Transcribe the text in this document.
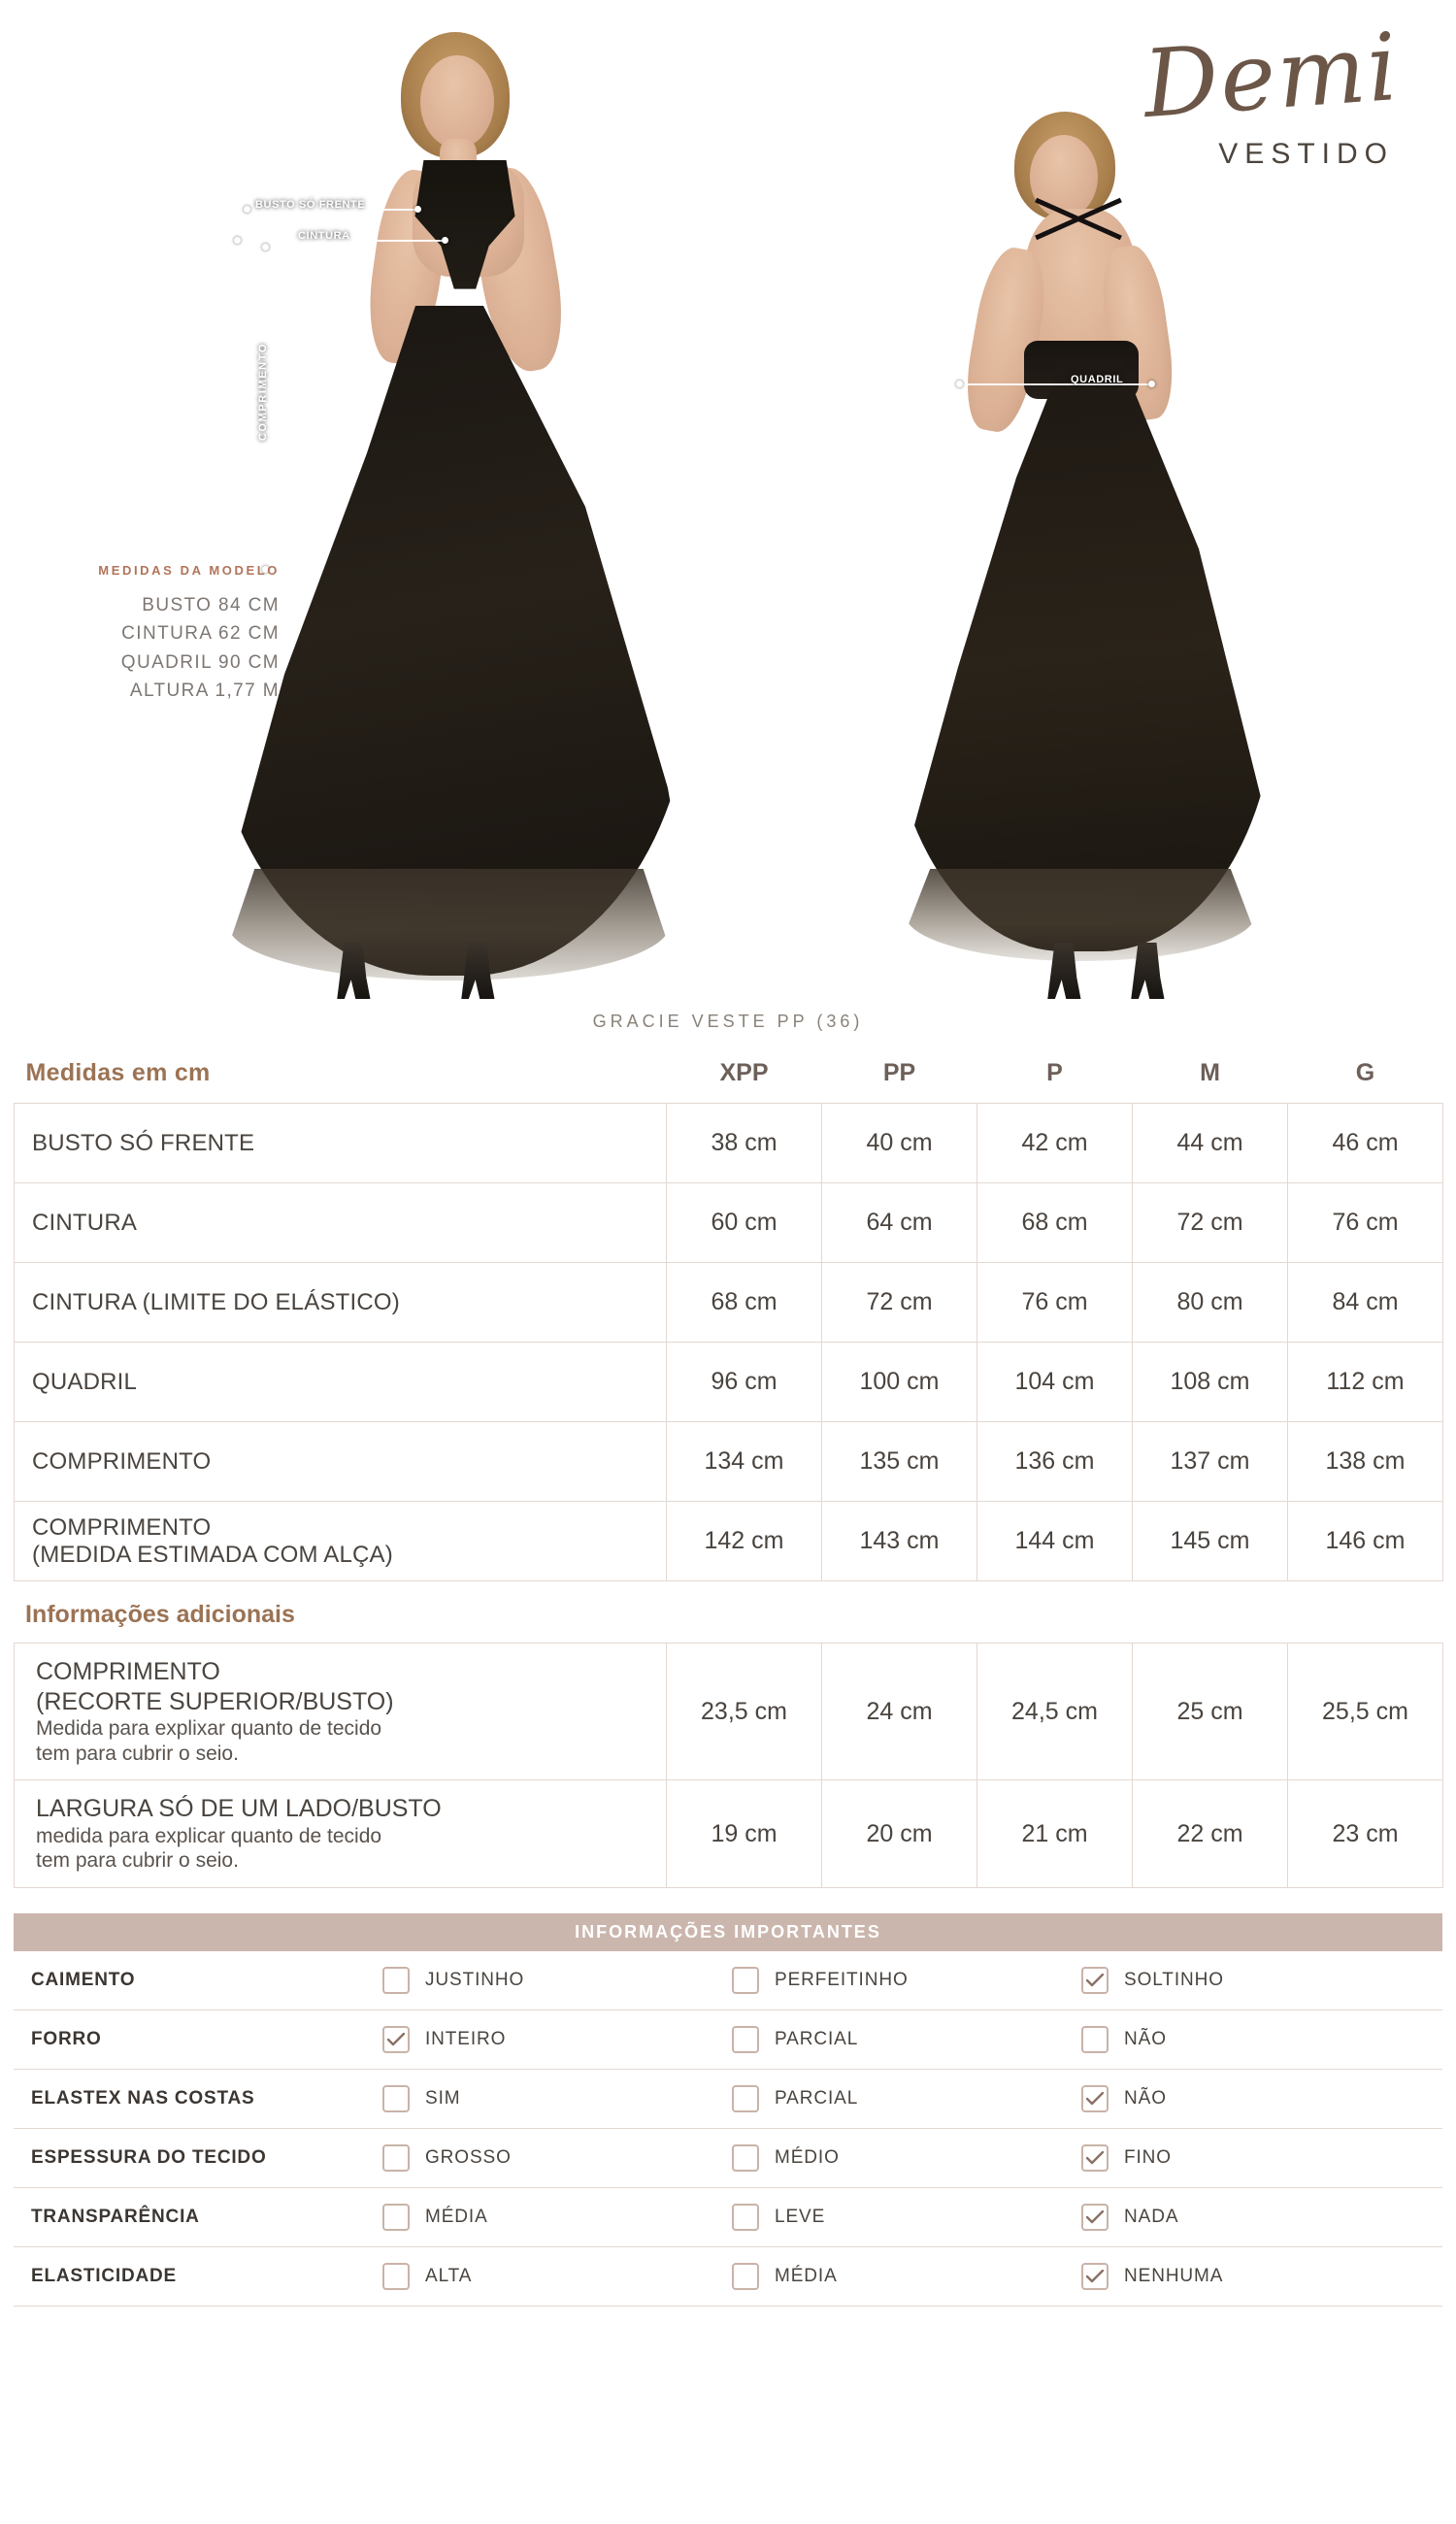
Demi
VESTIDO
BUSTO SÓ FRENTE
CINTURA
COMPRIMENTO	QUADRIL
MEDIDAS DA MODELO
BUSTO 84 CM
CINTURA 62 CM
QUADRIL 90 CM
ALTURA 1,77 M
GRACIE VESTE PP (36)
Medidas em cm	XPP	PP	P	M	G
BUSTO SÓ FRENTE	38 cm	40 cm	42 cm	44 cm	46 cm
CINTURA	60 cm	64 cm	68 cm	72 cm	76 cm
CINTURA (LIMITE DO ELÁSTICO)	68 cm	72 cm	76 cm	80 cm	84 cm
QUADRIL	96 cm	100 cm	104 cm	108 cm	112 cm
COMPRIMENTO	134 cm	135 cm	136 cm	137 cm	138 cm

COMPRIMENTO
(MEDIDA ESTIMADA COM ALÇA)	142 cm	143 cm	144 cm	145 cm	146 cm
Informações adicionais
COMPRIMENTO
(RECORTE SUPERIOR/BUSTO)
Medida para explixar quanto de tecido
tem para cubrir o seio.	23,5 cm	24 cm	24,5 cm	25 cm	25,5 cm

LARGURA SÓ DE UM LADO/BUSTO
medida para explicar quanto de tecido
tem para cubrir o seio.	19 cm	20 cm	21 cm	22 cm	23 cm
INFORMAÇÕES IMPORTANTES
CAIMENTO	JUSTINHO	PERFEITINHO	SOLTINHO

FORRO	INTEIRO	PARCIAL	NÃO

ELASTEX NAS COSTAS	SIM	PARCIAL	NÃO

ESPESSURA DO TECIDO	GROSSO	MÉDIO	FINO

TRANSPARÊNCIA	MÉDIA	LEVE	NADA

ELASTICIDADE	ALTA	MÉDIA	NENHUMA
